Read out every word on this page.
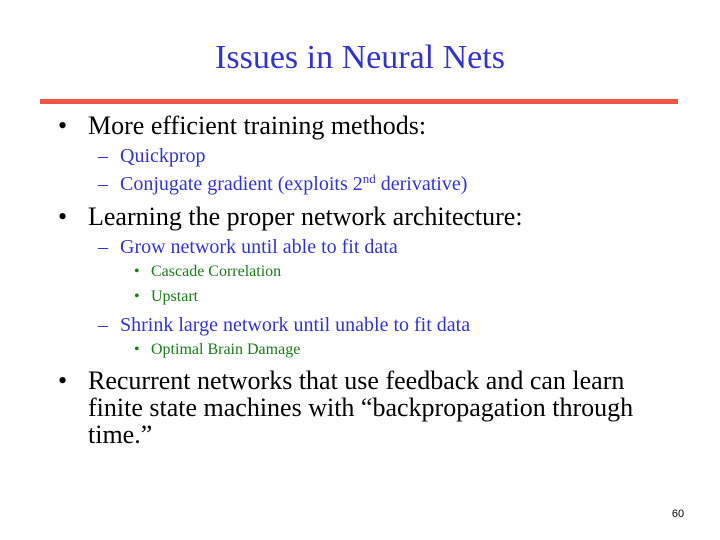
Issues in Neural Nets
• More efficient training methods:
– Quickprop
– Conjugate gradient (exploits 2nd derivative)
• Learning the proper network architecture:
– Grow network until able to fit data
• Cascade Correlation
• Upstart
– Shrink large network until unable to fit data
• Optimal Brain Damage
• Recurrent networks that use feedback and can learn finite state machines with “backpropagation through time.”
60
